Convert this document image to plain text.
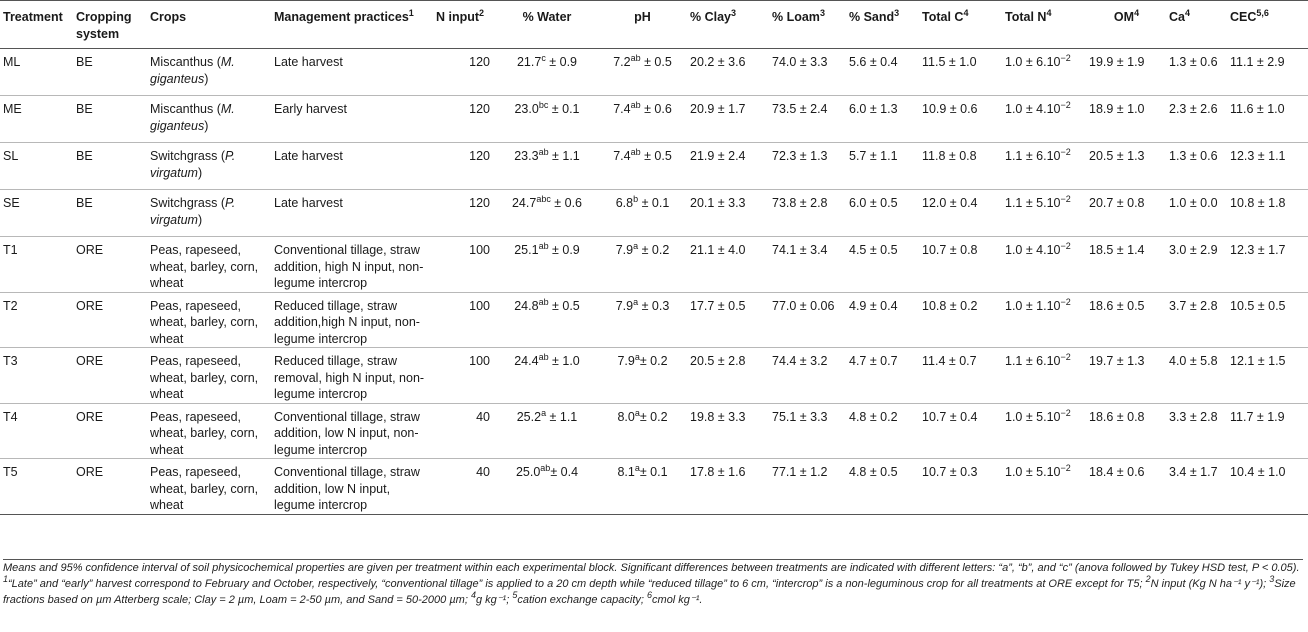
Treatment	Cropping system	Crops	Management practices$^1$	N input$^2$	% Water	pH	% Clay$^3$	% Loam$^3$	% Sand$^3$	Total $C^4$	Total $N^4$	$OM^4$	Ca$^4$	CEC$^{5,6}$
ML	BE	Miscanthus (M. giganteus)	Late harvest	120	21.7$^c$ ± 0.9	7.2$^{ab}$ ± 0.5	20.2 ± 3.6	74.0 ± 3.3	5.6 ± 0.4	11.5 ± 1.0	$1.0 \pm 6.10^{-2}$	19.9 ± 1.9	1.3 ± 0.6	11.1 ± 2.9
ME	BE	Miscanthus (M. giganteus)	Early harvest	120	23.0$^{bc}$ ± 0.1	7.4$^{ab}$ ± 0.6	20.9 ± 1.7	73.5 ± 2.4	6.0 ± 1.3	10.9 ± 0.6	$1.0 \pm 4.10^{-2}$	18.9 ± 1.0	2.3 ± 2.6	11.6 ± 1.0
SL	BE	Switchgrass (P. virgatum)	Late harvest	120	23.3$^{ab}$ ± 1.1	7.4$^{ab}$ ± 0.5	21.9 ± 2.4	72.3 ± 1.3	5.7 ± 1.1	11.8 ± 0.8	$1.1 \pm 6.10^{-2}$	20.5 ± 1.3	1.3 ± 0.6	12.3 ± 1.1
SE	BE	Switchgrass (P. virgatum)	Late harvest	120	24.7$^{abc}$ ± 0.6	6.8$^b$ ± 0.1	20.1 ± 3.3	73.8 ± 2.8	6.0 ± 0.5	12.0 ± 0.4	$1.1 \pm 5.10^{-2}$	20.7 ± 0.8	1.0 ± 0.0	10.8 ± 1.8
T1	ORE	Peas, rapeseed, wheat, barley, corn, wheat	Conventional tillage, straw addition, high N input, non-legume intercrop	100	25.1$^{ab}$ ± 0.9	7.9$^a$ ± 0.2	21.1 ± 4.0	74.1 ± 3.4	4.5 ± 0.5	10.7 ± 0.8	$1.0 \pm 4.10^{-2}$	18.5 ± 1.4	3.0 ± 2.9	12.3 ± 1.7
T2	ORE	Peas, rapeseed, wheat, barley, corn, wheat	Reduced tillage, straw addition,high N input, non-legume intercrop	100	24.8$^{ab}$ ± 0.5	7.9$^a$ ± 0.3	17.7 ± 0.5	77.0 ± 0.06	4.9 ± 0.4	10.8 ± 0.2	$1.0 \pm 1.10^{-2}$	18.6 ± 0.5	3.7 ± 2.8	10.5 ± 0.5
T3	ORE	Peas, rapeseed, wheat, barley, corn, wheat	Reduced tillage, straw removal, high N input, non-legume intercrop	100	24.4$^{ab}$ ± 1.0	7.9$^a$± 0.2	20.5 ± 2.8	74.4 ± 3.2	4.7 ± 0.7	11.4 ± 0.7	$1.1 \pm 6.10^{-2}$	19.7 ± 1.3	4.0 ± 5.8	12.1 ± 1.5
T4	ORE	Peas, rapeseed, wheat, barley, corn, wheat	Conventional tillage, straw addition, low N input, non-legume intercrop	40	25.2$^a$ ± 1.1	8.0$^a$± 0.2	19.8 ± 3.3	75.1 ± 3.3	4.8 ± 0.2	10.7 ± 0.4	$1.0 \pm 5.10^{-2}$	18.6 ± 0.8	3.3 ± 2.8	11.7 ± 1.9
T5	ORE	Peas, rapeseed, wheat, barley, corn, wheat	Conventional tillage, straw addition, low N input, legume intercrop	40	25.0$^{ab}$± 0.4	8.1$^a$± 0.1	17.8 ± 1.6	77.1 ± 1.2	4.8 ± 0.5	10.7 ± 0.3	$1.0 \pm 5.10^{-2}$	18.4 ± 0.6	3.4 ± 1.7	10.4 ± 1.0

Means and 95% confidence interval of soil physicochemical properties are given per treatment within each experimental block. Significant differences between treatments are indicated with different letters: “a”, “b”, and “c” (anova followed by Tukey HSD test, P < 0.05).

$^1$“Late” and “early” harvest correspond to February and October, respectively, “conventional tillage” is applied to a 20 cm depth while “reduced tillage” to 6 cm, “intercrop” is a non-leguminous crop for all treatments at ORE except for T5; $^2$N input (Kg N ha⁻¹ y⁻¹); $^3$Size fractions based on µm Atterberg scale; Clay = 2 µm, Loam = 2-50 µm, and Sand = 50-2000 µm; $^4$g kg⁻¹; $^5$cation exchange capacity; $^6$cmol kg⁻¹.
